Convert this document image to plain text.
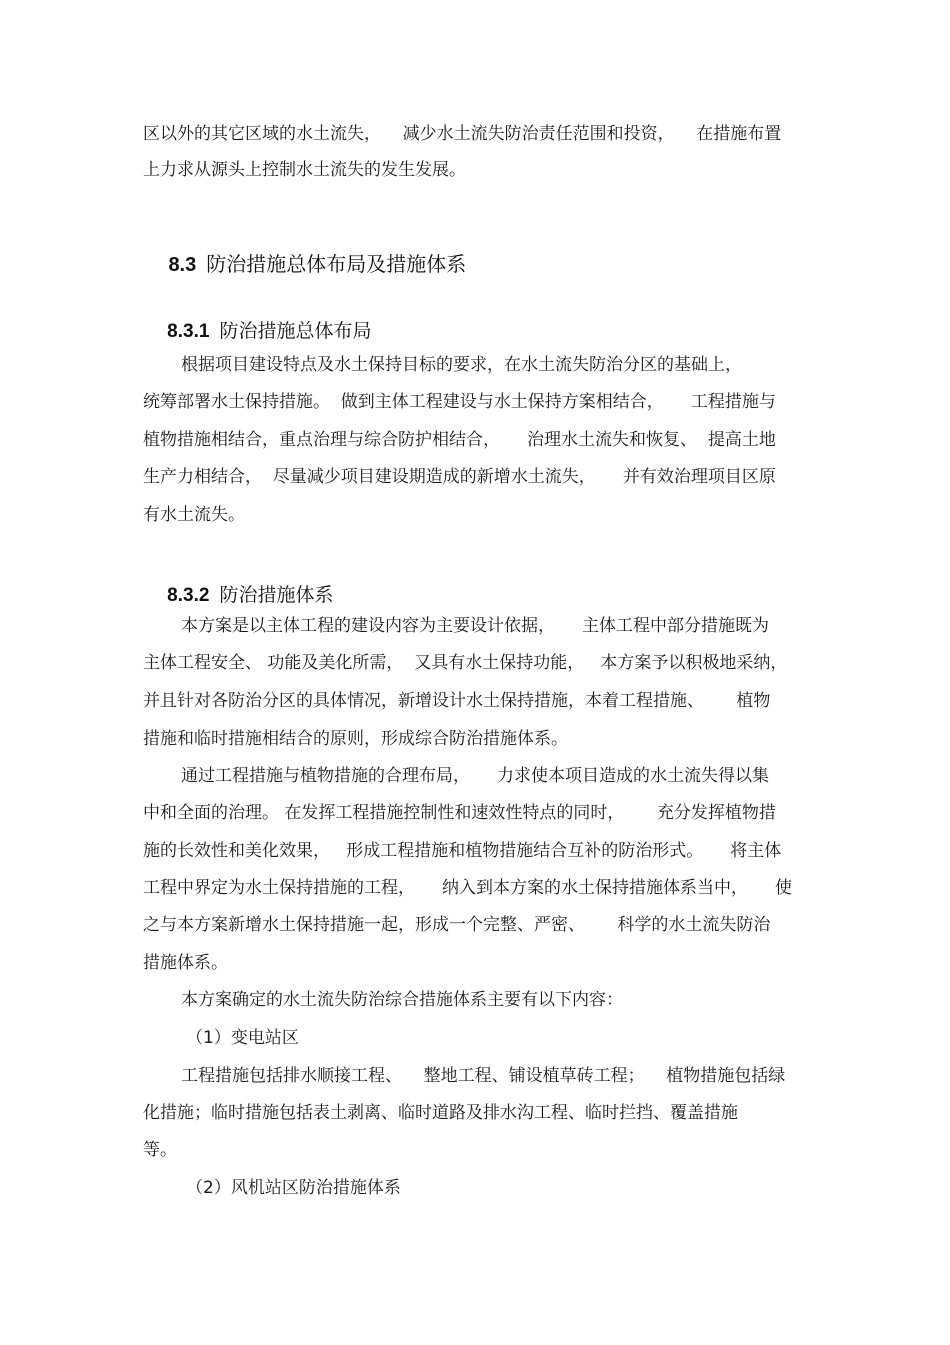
区以外的其它区域的水土流失，    减少水土流失防治责任范围和投资，    在措施布置
上力求从源头上控制水土流失的发生发展。

8.3 防治措施总体布局及措施体系

8.3.1 防治措施总体布局

根据项目建设特点及水土保持目标的要求，在水土流失防治分区的基础上，
统筹部署水土保持措施。  做到主体工程建设与水土保持方案相结合，     工程措施与
植物措施相结合，重点治理与综合防护相结合，     治理水土流失和恢复、  提高土地
生产力相结合，  尽量减少项目建设期造成的新增水土流失，     并有效治理项目区原
有水土流失。

8.3.2 防治措施体系

本方案是以主体工程的建设内容为主要设计依据，     主体工程中部分措施既为
主体工程安全、 功能及美化所需，  又具有水土保持功能，   本方案予以积极地采纳，
并且针对各防治分区的具体情况，新增设计水土保持措施，本着工程措施、      植物
措施和临时措施相结合的原则，形成综合防治措施体系。
通过工程措施与植物措施的合理布局，     力求使本项目造成的水土流失得以集
中和全面的治理。 在发挥工程措施控制性和速效性特点的同时，      充分发挥植物措
施的长效性和美化效果，   形成工程措施和植物措施结合互补的防治形式。     将主体
工程中界定为水土保持措施的工程，     纳入到本方案的水土保持措施体系当中，     使
之与本方案新增水土保持措施一起，形成一个完整、严密、      科学的水土流失防治
措施体系。
本方案确定的水土流失防治综合措施体系主要有以下内容：
（1）变电站区
工程措施包括排水顺接工程、    整地工程、铺设植草砖工程；    植物措施包括绿
化措施；临时措施包括表土剥离、临时道路及排水沟工程、临时拦挡、覆盖措施
等。
（2）风机站区防治措施体系
